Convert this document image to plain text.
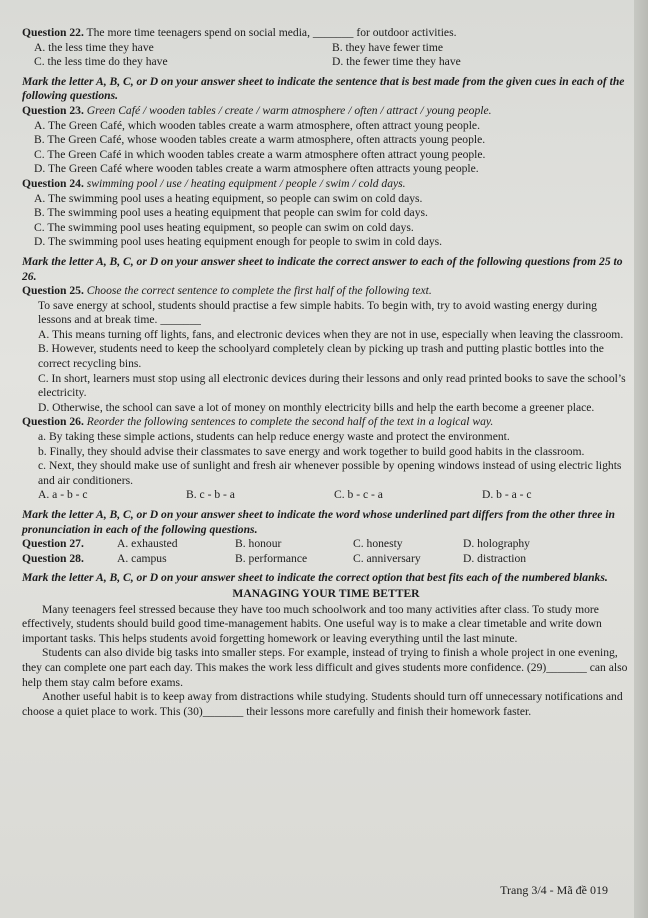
Question 22. The more time teenagers spend on social media, _______ for outdoor activities.

A. the less time they have	B. they have fewer time
C. the less time do they have	D. the fewer time they have

Mark the letter A, B, C, or D on your answer sheet to indicate the sentence that is best made from the given cues in each of the following questions.

Question 23. Green Café / wooden tables / create / warm atmosphere / often / attract / young people.

A. The Green Café, which wooden tables create a warm atmosphere, often attract young people.

B. The Green Café, whose wooden tables create a warm atmosphere, often attracts young people.

C. The Green Café in which wooden tables create a warm atmosphere often attract young people.

D. The Green Café where wooden tables create a warm atmosphere often attracts young people.

Question 24. swimming pool / use / heating equipment / people / swim / cold days.

A. The swimming pool uses a heating equipment, so people can swim on cold days.

B. The swimming pool uses a heating equipment that people can swim for cold days.

C. The swimming pool uses heating equipment, so people can swim on cold days.

D. The swimming pool uses heating equipment enough for people to swim in cold days.

Mark the letter A, B, C, or D on your answer sheet to indicate the correct answer to each of the following questions from 25 to 26.

Question 25. Choose the correct sentence to complete the first half of the following text.

To save energy at school, students should practise a few simple habits. To begin with, try to avoid wasting energy during lessons and at break time. _______

A. This means turning off lights, fans, and electronic devices when they are not in use, especially when leaving the classroom.

B. However, students need to keep the schoolyard completely clean by picking up trash and putting plastic bottles into the correct recycling bins.

C. In short, learners must stop using all electronic devices during their lessons and only read printed books to save the school’s electricity.

D. Otherwise, the school can save a lot of money on monthly electricity bills and help the earth become a greener place.

Question 26. Reorder the following sentences to complete the second half of the text in a logical way.

a. By taking these simple actions, students can help reduce energy waste and protect the environment.

b. Finally, they should advise their classmates to save energy and work together to build good habits in the classroom.

c. Next, they should make use of sunlight and fresh air whenever possible by opening windows instead of using electric lights and air conditioners.

A. a - b - c	B. c - b - a	C. b - c - a	D. b - a - c

Mark the letter A, B, C, or D on your answer sheet to indicate the word whose underlined part differs from the other three in pronunciation in each of the following questions.

Question 27.	A. exhausted	B. honour	C. honesty	D. holography
Question 28.	A. campus	B. performance	C. anniversary	D. distraction

Mark the letter A, B, C, or D on your answer sheet to indicate the correct option that best fits each of the numbered blanks.

MANAGING YOUR TIME BETTER

Many teenagers feel stressed because they have too much schoolwork and too many activities after class. To study more effectively, students should build good time-management habits. One useful way is to make a clear timetable and write down important tasks. This helps students avoid forgetting homework or leaving everything until the last minute.

Students can also divide big tasks into smaller steps. For example, instead of trying to finish a whole project in one evening, they can complete one part each day. This makes the work less difficult and gives students more confidence. (29)_______ can also help them stay calm before exams.

Another useful habit is to keep away from distractions while studying. Students should turn off unnecessary notifications and choose a quiet place to work. This (30)_______ their lessons more carefully and finish their homework faster.

Trang 3/4 - Mã đề 019
